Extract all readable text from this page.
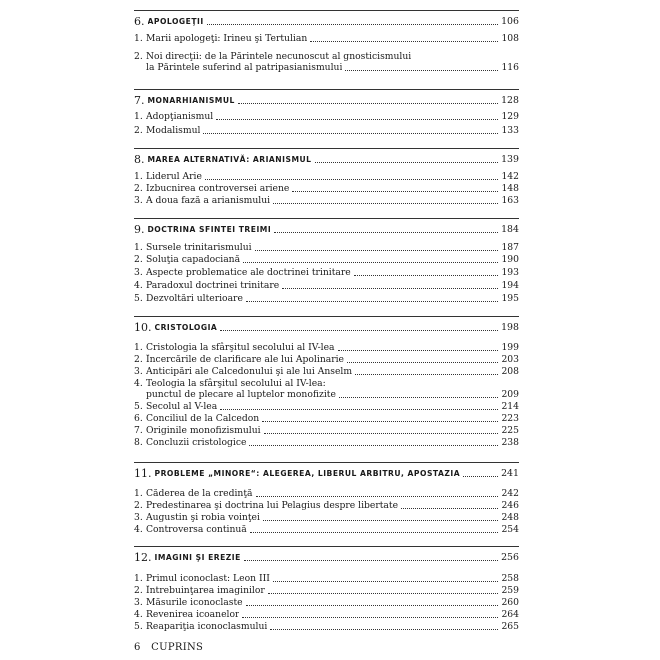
6. APOLOGEŢII	106
1. Marii apologeţi: Irineu şi Tertulian	108
2. Noi direcţii: de la Părintele necunoscut al gnosticismului
la Părintele suferind al patripasianismului	116
7. MONARHIANISMUL	128
1. Adopţianismul	129
2. Modalismul	133
8. MAREA ALTERNATIVĂ: ARIANISMUL	139
1. Liderul Arie	142
2. Izbucnirea controversei ariene	148
3. A doua fază a arianismului	163
9. DOCTRINA SFINTEI TREIMI	184
1. Sursele trinitarismului	187
2. Soluţia capadociană	190
3. Aspecte problematice ale doctrinei trinitare	193
4. Paradoxul doctrinei trinitare	194
5. Dezvoltări ulterioare	195
10. CRISTOLOGIA	198
1. Cristologia la sfârşitul secolului al IV-lea	199
2. Încercările de clarificare ale lui Apolinarie	203
3. Anticipări ale Calcedonului şi ale lui Anselm	208
4. Teologia la sfârşitul secolului al IV-lea:
punctul de plecare al luptelor monofizite	209
5. Secolul al V-lea	214
6. Conciliul de la Calcedon	223
7. Originile monofizismului	225
8. Concluzii cristologice	238
11. PROBLEME „MINORE“: ALEGEREA, LIBERUL ARBITRU, APOSTAZIA	241
1. Căderea de la credinţă	242
2. Predestinarea şi doctrina lui Pelagius despre libertate	246
3. Augustin şi robia voinţei	248
4. Controversa continuă	254
12. IMAGINI ŞI EREZIE	256
1. Primul iconoclast: Leon III	258
2. Întrebuinţarea imaginilor	259
3. Măsurile iconoclaste	260
4. Revenirea icoanelor	264
5. Reapariţia iconoclasmului	265
6 CUPRINS
